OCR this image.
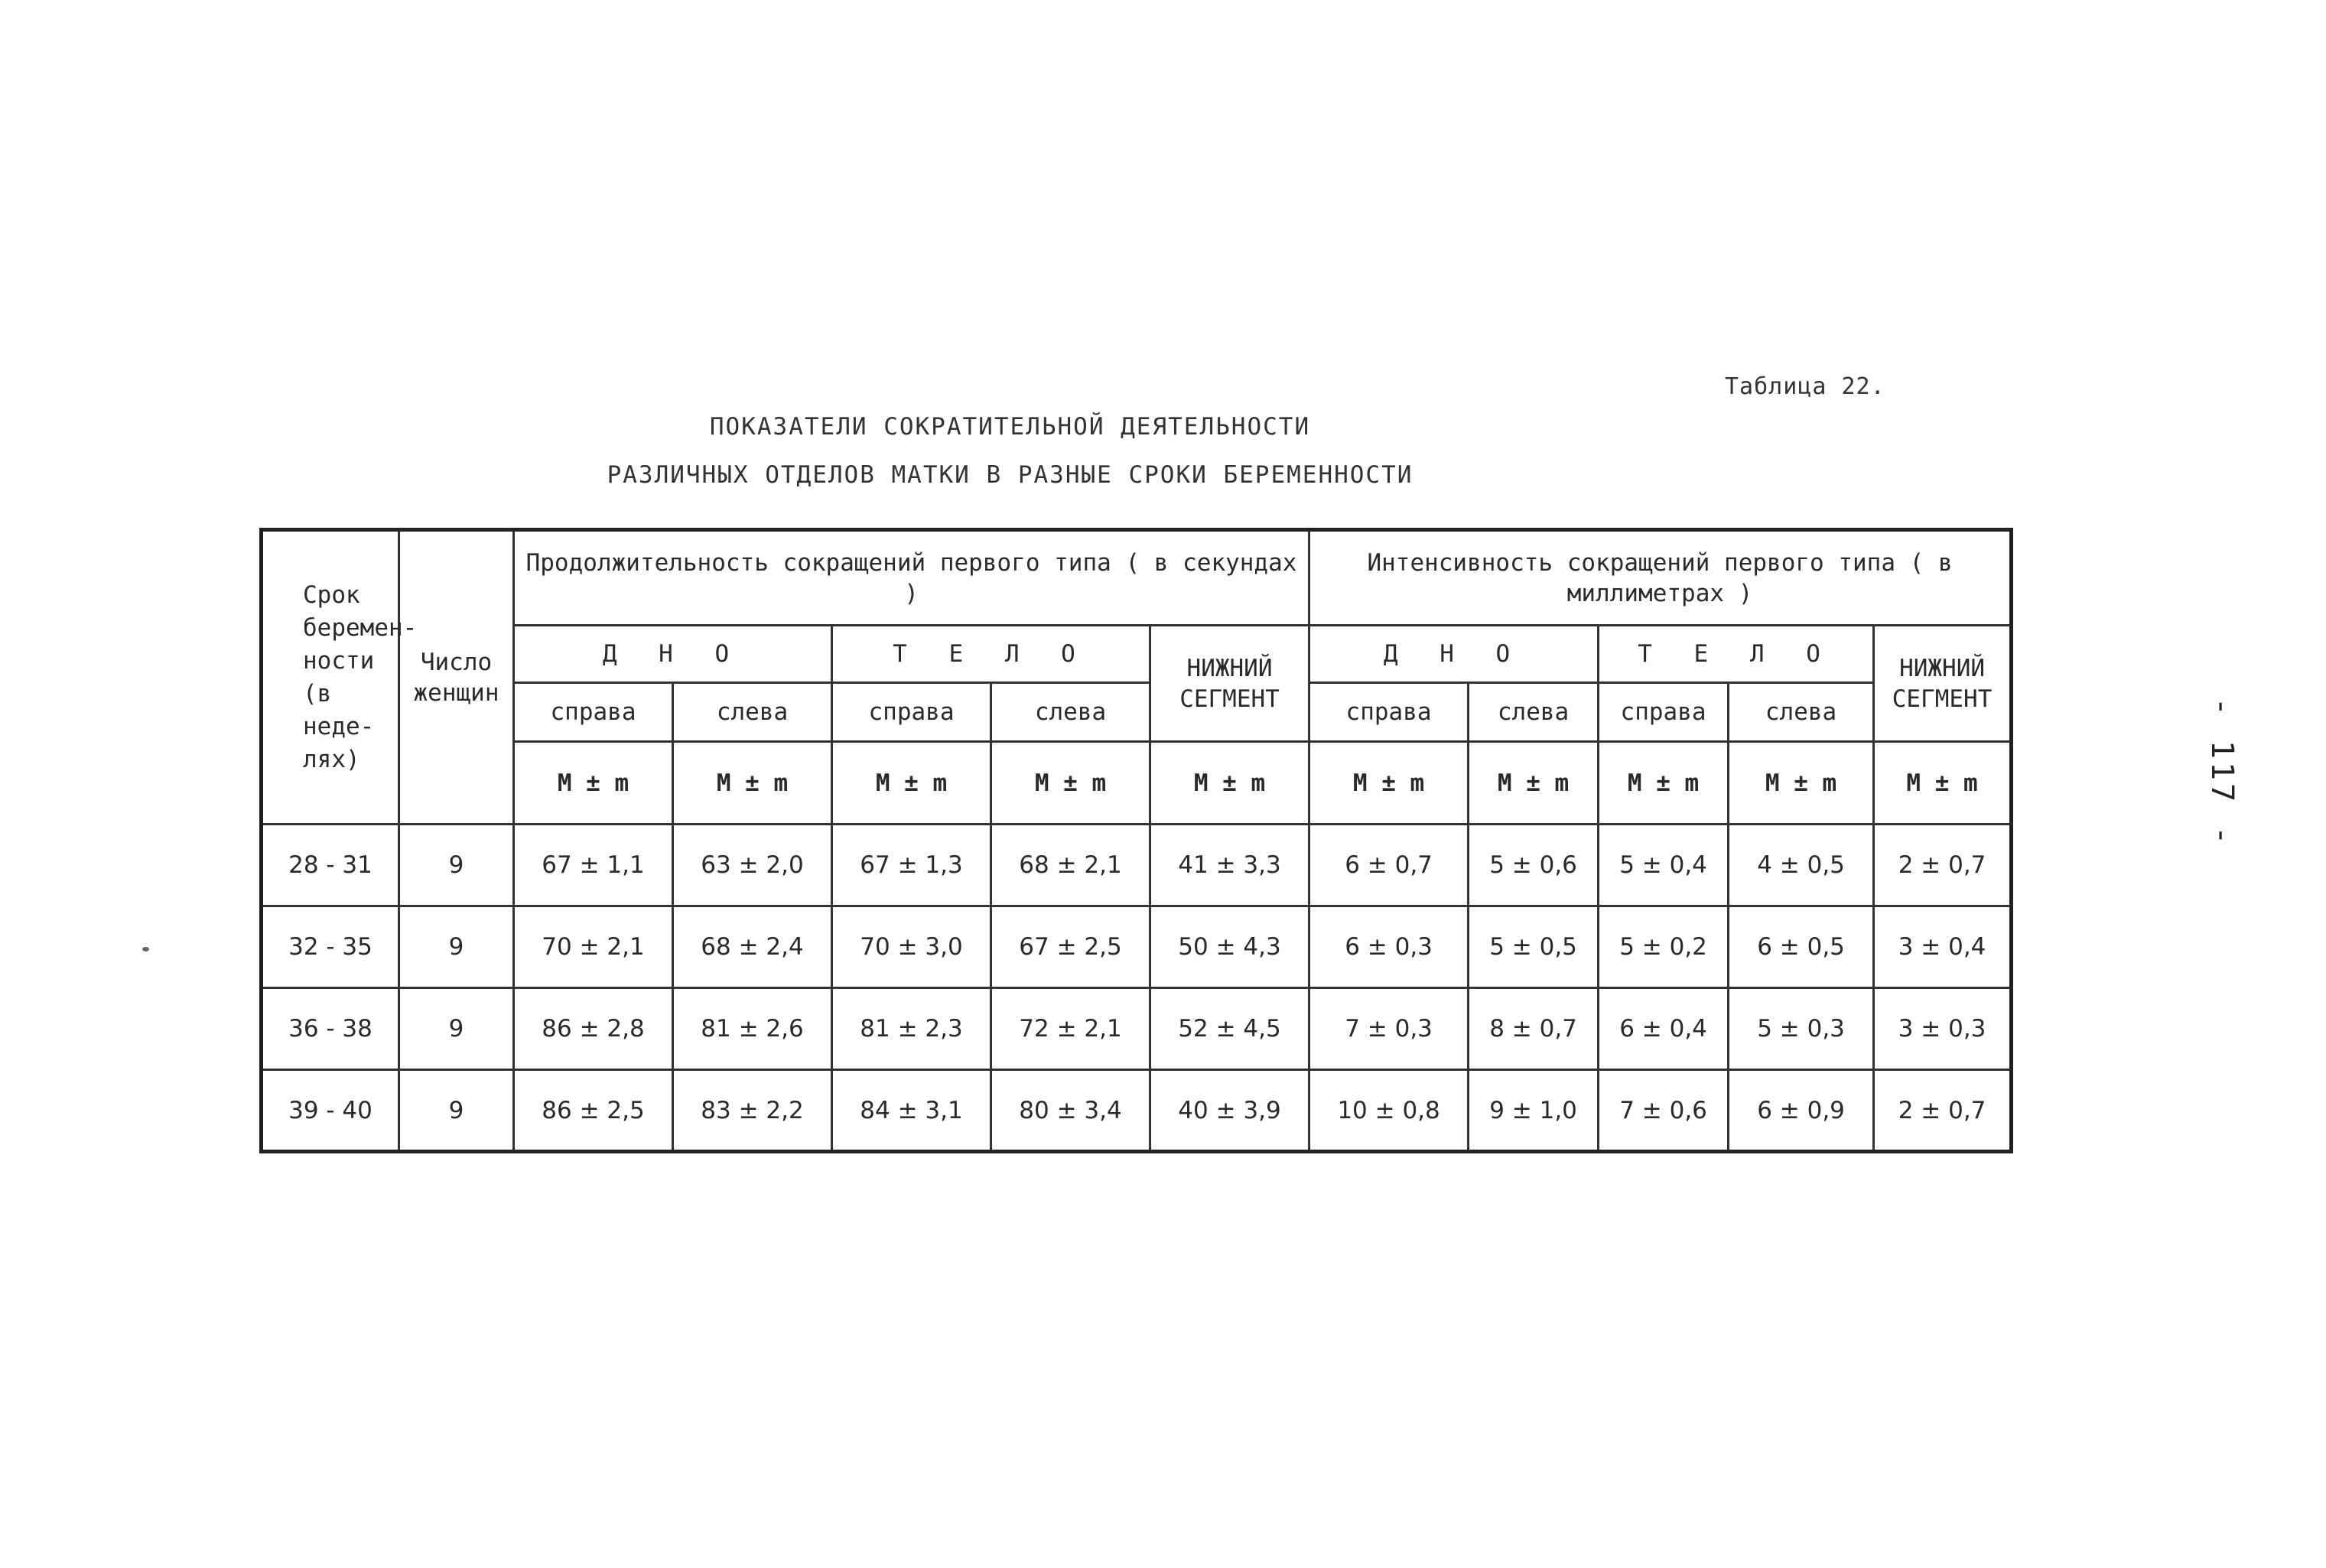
Таблица 22.
ПОКАЗАТЕЛИ СОКРАТИТЕЛЬНОЙ ДЕЯТЕЛЬНОСТИ
РАЗЛИЧНЫХ ОТДЕЛОВ МАТКИ В РАЗНЫЕ СРОКИ БЕРЕМЕННОСТИ
- 117 -
Срок беремен- ности (в неде- лях)	Число женщин	Продолжительность сокращений первого типа ( в секундах )					Интенсивность сокращений первого типа ( в миллиметрах )				
		Д Н О		Т Е Л О		НИЖНИЙ СЕГМЕНТ	Д Н О		Т Е Л О		НИЖНИЙ СЕГМЕНТ
		справа	слева	справа	слева		справа	слева	справа	слева	
		М ± m	М ± m	М ± m	М ± m	М ± m	М ± m	М ± m	М ± m	М ± m	М ± m
28 - 31	9	67 ± 1,1	63 ± 2,0	67 ± 1,3	68 ± 2,1	41 ± 3,3	6 ± 0,7	5 ± 0,6	5 ± 0,4	4 ± 0,5	2 ± 0,7
32 - 35	9	70 ± 2,1	68 ± 2,4	70 ± 3,0	67 ± 2,5	50 ± 4,3	6 ± 0,3	5 ± 0,5	5 ± 0,2	6 ± 0,5	3 ± 0,4
36 - 38	9	86 ± 2,8	81 ± 2,6	81 ± 2,3	72 ± 2,1	52 ± 4,5	7 ± 0,3	8 ± 0,7	6 ± 0,4	5 ± 0,3	3 ± 0,3
39 - 40	9	86 ± 2,5	83 ± 2,2	84 ± 3,1	80 ± 3,4	40 ± 3,9	10 ± 0,8	9 ± 1,0	7 ± 0,6	6 ± 0,9	2 ± 0,7
